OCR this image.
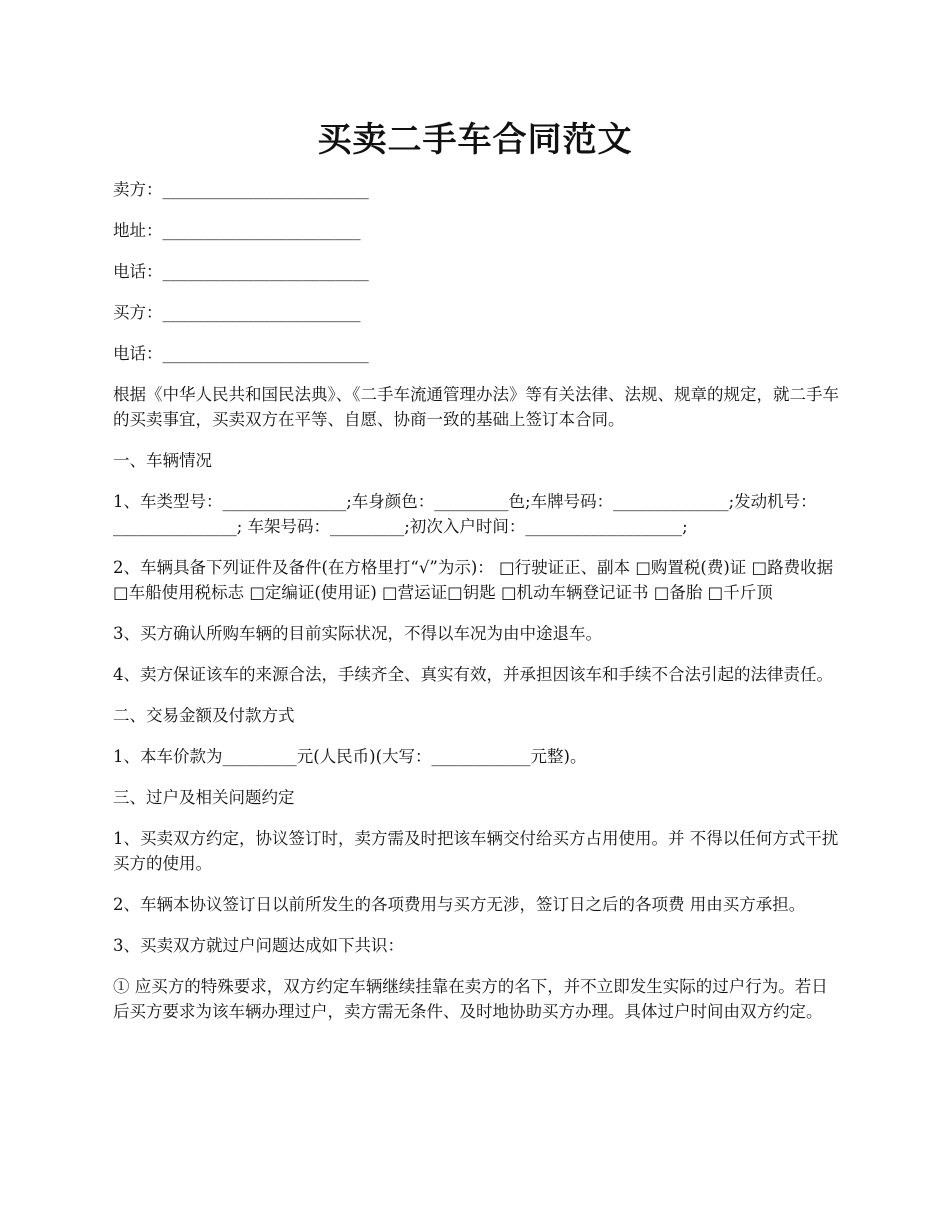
买卖二手车合同范文

卖方：_________________________

地址：________________________

电话：_________________________

买方：________________________

电话：_________________________

根据《中华人民共和国民法典》、《二手车流通管理办法》等有关法律、法规、规章的规定，就二手车的买卖事宜，买卖双方在平等、自愿、协商一致的基础上签订本合同。

一、车辆情况

1、车类型号：_______________;车身颜色：_________色;车牌号码：______________;发动机号：_______________; 车架号码：_________;初次入户时间：___________________;

2、车辆具备下列证件及备件(在方格里打“√”为示)： □行驶证正、副本 □购置税(费)证 □路费收据 □车船使用税标志 □定编证(使用证) □营运证□钥匙 □机动车辆登记证书 □备胎 □千斤顶

3、买方确认所购车辆的目前实际状况，不得以车况为由中途退车。

4、卖方保证该车的来源合法，手续齐全、真实有效，并承担因该车和手续不合法引起的法律责任。

二、交易金额及付款方式

1、本车价款为_________元(人民币)(大写：____________元整)。

三、过户及相关问题约定

1、买卖双方约定，协议签订时，卖方需及时把该车辆交付给买方占用使用。并 不得以任何方式干扰买方的使用。

2、车辆本协议签订日以前所发生的各项费用与买方无涉，签订日之后的各项费 用由买方承担。

3、买卖双方就过户问题达成如下共识：

① 应买方的特殊要求，双方约定车辆继续挂靠在卖方的名下，并不立即发生实际的过户行为。若日后买方要求为该车辆办理过户，卖方需无条件、及时地协助买方办理。具体过户时间由双方约定。
